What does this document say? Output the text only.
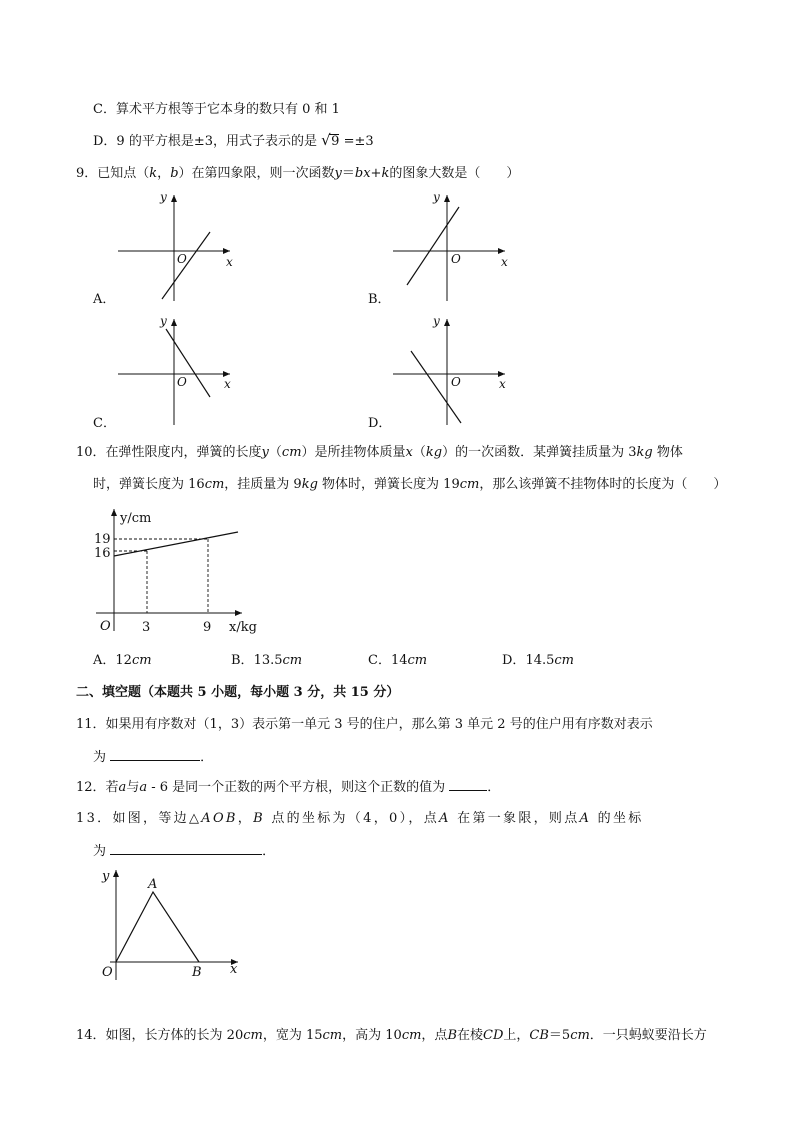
C．算术平方根等于它本身的数只有 0 和 1
D．9 的平方根是±3，用式子表示的是 √ 9 =±3
9．已知点（k，b）在第四象限，则一次函数y＝bx+k的图象大数是（　　）
y
x
O
A．
y
x
O
B．
y
x
O
C．
y
x
O
D．
10．在弹性限度内，弹簧的长度y（cm）是所挂物体质量x（kg）的一次函数．某弹簧挂质量为 3kg 物体
时，弹簧长度为 16cm，挂质量为 9kg 物体时，弹簧长度为 19cm，那么该弹簧不挂物体时的长度为（　　）
y/cm
19
16
3	9
O	x/kg
A．12cm	B．13.5cm	C．14cm	D．14.5cm
二、填空题（本题共 5 小题，每小题 3 分，共 15 分）
11．如果用有序数对（1，3）表示第一单元 3 号的住户，那么第 3 单元 2 号的住户用有序数对表示
为	．
12．若a与a - 6 是同一个正数的两个平方根，则这个正数的值为	．
13．如图，等边△AOB，B 点的坐标为（4，0），点A 在第一象限，则点A 的坐标
为	．
y
x
O
A
B
14．如图，长方体的长为 20cm，宽为 15cm，高为 10cm，点B在棱CD上，CB＝5cm．一只蚂蚁要沿长方
